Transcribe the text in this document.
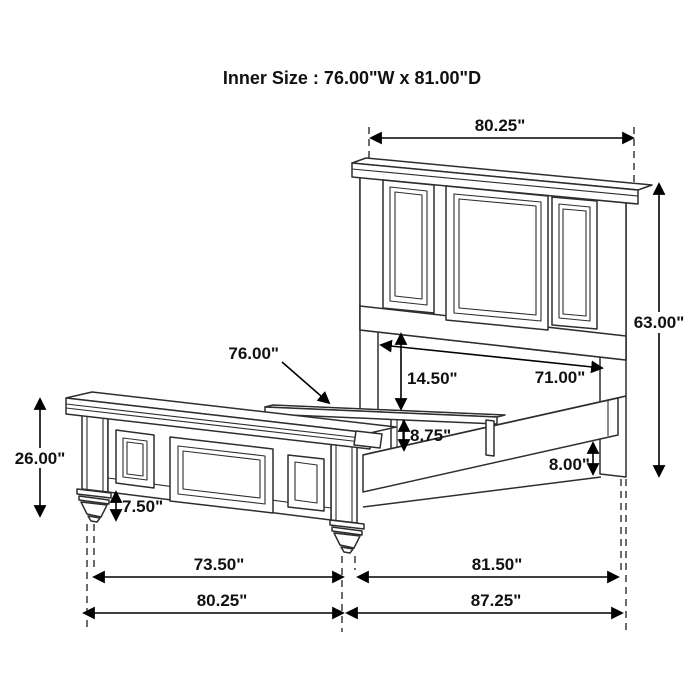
Inner Size : 76.00"W x 81.00"D
80.25"
63.00"
76.00"
71.00"
14.50"
8.75"
8.00"
26.00"
7.50"
73.50"
80.25"
81.50"
87.25"
